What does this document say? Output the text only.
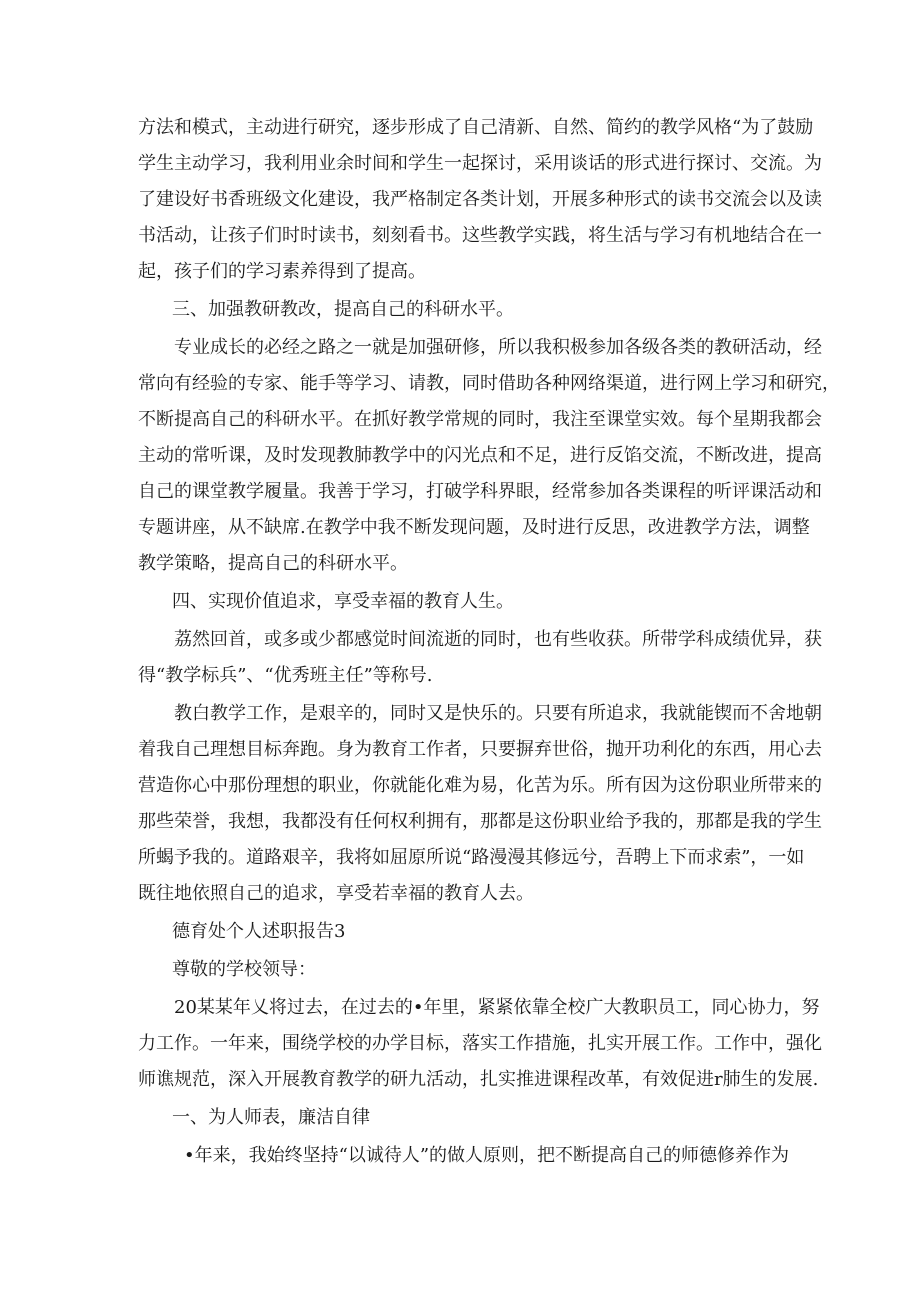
方法和模式，主动进行研究，逐步形成了自己清新、自然、简约的教学风格“为了鼓励
学生主动学习，我利用业余时间和学生一起探讨，采用谈话的形式进行探讨、交流。为
了建设好书香班级文化建设，我严格制定各类计划，开展多种形式的读书交流会以及读
书活动，让孩子们时时读书，刻刻看书。这些教学实践，将生活与学习有机地结合在一
起，孩子们的学习素养得到了提高。
三、加强教研教改，提高自己的科研水平。
专业成长的必经之路之一就是加强研修，所以我积极参加各级各类的教研活动，经
常向有经验的专家、能手等学习、请教，同时借助各种网络渠道，进行网上学习和研究，
不断提高自己的科研水平。在抓好教学常规的同时，我注至课堂实效。每个星期我都会
主动的常听课，及时发现教肺教学中的闪光点和不足，进行反馅交流，不断改进，提高
自己的课堂教学履量。我善于学习，打破学科界眼，经常参加各类课程的听评课活动和
专题讲座，从不缺席.在教学中我不断发现问题，及时进行反思，改进教学方法，调整
教学策略，提高自己的科研水平。
四、实现价值追求，享受幸福的教育人生。
荔然回首，或多或少都感觉时间流逝的同时，也有些收获。所带学科成绩优异，获
得“教学标兵”、“优秀班主任”等称号.
教白教学工作，是艰辛的，同时又是快乐的。只要有所追求，我就能锲而不舍地朝
着我自己理想目标奔跑。身为教育工作者，只要摒弃世俗，抛开功利化的东西，用心去
营造你心中那份理想的职业，你就能化难为易，化苦为乐。所有因为这份职业所带来的
那些荣誉，我想，我都没有任何权利拥有，那都是这份职业给予我的，那都是我的学生
所蝎予我的。道路艰辛，我将如屈原所说“路漫漫其修远兮，吾聘上下而求索”，一如
既往地依照自己的追求，享受若幸福的教育人去。
德育处个人述职报告3
尊敬的学校领导：
20某某年乂将过去，在过去的•年里，紧紧依靠全校广大教职员工，同心协力，努
力工作。一年来，围绕学校的办学目标，落实工作措施，扎实开展工作。工作中，强化
师谯规范，深入开展教育教学的研九活动，扎实推进课程改革，有效促进r肺生的发展.
一、为人师表，廉洁自律
•年来，我始终坚持“以诚待人”的做人原则，把不断提高自己的师德修养作为
